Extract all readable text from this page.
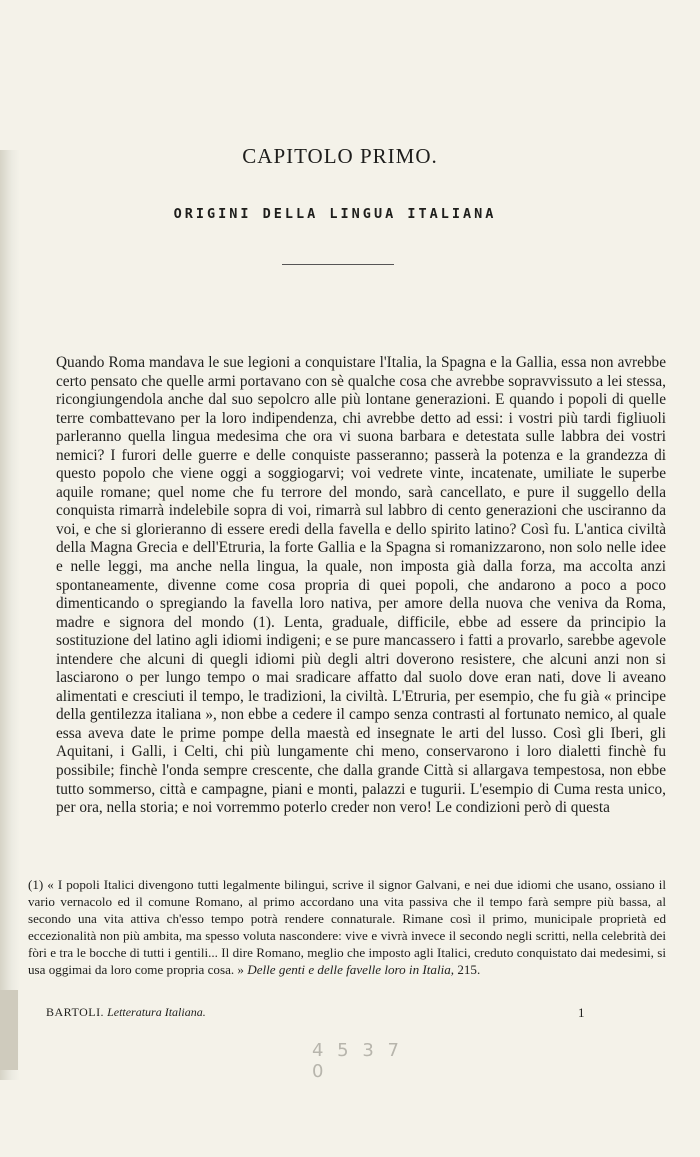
CAPITOLO PRIMO.
ORIGINI DELLA LINGUA ITALIANA
Quando Roma mandava le sue legioni a conquistare l'Italia, la Spagna e la Gallia, essa non avrebbe certo pensato che quelle armi portavano con sè qualche cosa che avrebbe sopravvissuto a lei stessa, ricongiungendola anche dal suo sepolcro alle più lontane generazioni. E quando i popoli di quelle terre combattevano per la loro indipendenza, chi avrebbe detto ad essi: i vostri più tardi figliuoli parleranno quella lingua medesima che ora vi suona barbara e detestata sulle labbra dei vostri nemici? I furori delle guerre e delle conquiste passeranno; passerà la potenza e la grandezza di questo popolo che viene oggi a soggiogarvi; voi vedrete vinte, incatenate, umiliate le superbe aquile romane; quel nome che fu terrore del mondo, sarà cancellato, e pure il suggello della conquista rimarrà indelebile sopra di voi, rimarrà sul labbro di cento generazioni che usciranno da voi, e che si glorieranno di essere eredi della favella e dello spirito latino? Così fu. L'antica civiltà della Magna Grecia e dell'Etruria, la forte Gallia e la Spagna si romanizzarono, non solo nelle idee e nelle leggi, ma anche nella lingua, la quale, non imposta già dalla forza, ma accolta anzi spontaneamente, divenne come cosa propria di quei popoli, che andarono a poco a poco dimenticando o spregiando la favella loro nativa, per amore della nuova che veniva da Roma, madre e signora del mondo (1). Lenta, graduale, difficile, ebbe ad essere da principio la sostituzione del latino agli idiomi indigeni; e se pure mancassero i fatti a provarlo, sarebbe agevole intendere che alcuni di quegli idiomi più degli altri doverono resistere, che alcuni anzi non si lasciarono o per lungo tempo o mai sradicare affatto dal suolo dove eran nati, dove li aveano alimentati e cresciuti il tempo, le tradizioni, la civiltà. L'Etruria, per esempio, che fu già « principe della gentilezza italiana », non ebbe a cedere il campo senza contrasti al fortunato nemico, al quale essa aveva date le prime pompe della maestà ed insegnate le arti del lusso. Così gli Iberi, gli Aquitani, i Galli, i Celti, chi più lungamente chi meno, conservarono i loro dialetti finchè fu possibile; finchè l'onda sempre crescente, che dalla grande Città si allargava tempestosa, non ebbe tutto sommerso, città e campagne, piani e monti, palazzi e tugurii. L'esempio di Cuma resta unico, per ora, nella storia; e noi vorremmo poterlo creder non vero! Le condizioni però di questa
(1) « I popoli Italici divengono tutti legalmente bilingui, scrive il signor Galvani, e nei due idiomi che usano, ossiano il vario vernacolo ed il comune Romano, al primo accordano una vita passiva che il tempo farà sempre più bassa, al secondo una vita attiva ch'esso tempo potrà rendere connaturale. Rimane così il primo, municipale proprietà ed eccezionalità non più ambita, ma spesso voluta nascondere: vive e vivrà invece il secondo negli scritti, nella celebrità dei fòri e tra le bocche di tutti i gentili... Il dire Romano, meglio che imposto agli Italici, creduto conquistato dai medesimi, si usa oggimai da loro come propria cosa. » Delle genti e delle favelle loro in Italia, 215.
BARTOLI. Letteratura Italiana.	1
4 5 3 7 0
